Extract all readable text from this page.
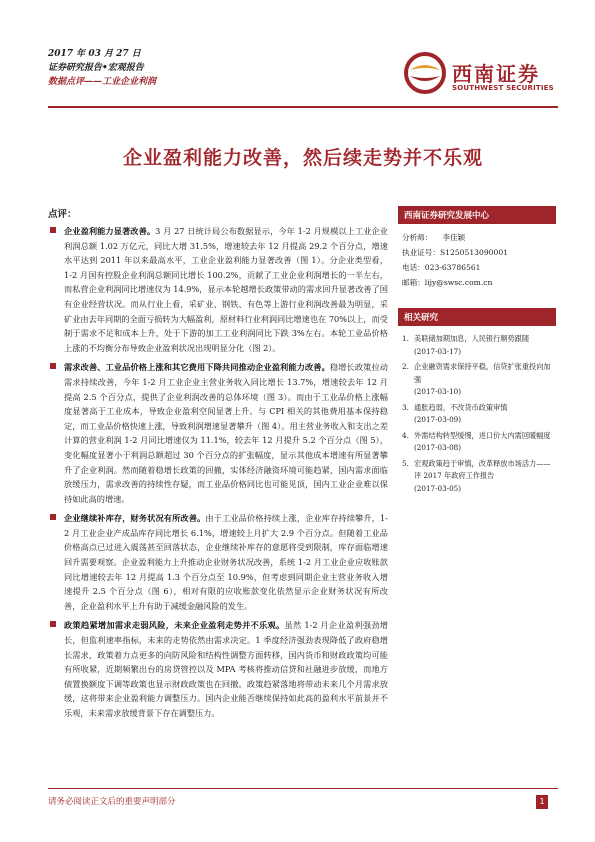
2017 年 03 月 27 日
证券研究报告•宏观报告
数据点评——工业企业利润	西南证券
SOUTHWEST SECURITIES
企业盈利能力改善，然后续走势并不乐观
点评：
企业盈利能力显著改善。3 月 27 日统计局公布数据显示，今年 1-2 月规模以上工业企业利润总额 1.02 万亿元，同比大增 31.5%，增速较去年 12 月提高 29.2 个百分点，增速水平达到 2011 年以来最高水平，工业企业盈利能力显著改善（图 1）。分企业类型看，1-2 月国有控股企业利润总额同比增长 100.2%，贡献了工业企业利润增长的一半左右，而私营企业利润同比增速仅为 14.9%，显示本轮越增长政策带动的需求回升显著改善了国有企业经营状况。而从行业上看，采矿业、钢铁、有色等上游行业利润改善最为明显，采矿业由去年同期的全面亏损转为大幅盈利，原材料行业利润同比增速也在 70%以上，而受制于需求不足和成本上升，处于下游的加工工业利润同比下跌 3%左右。本轮工业品价格上涨的不均衡分布导致企业盈利状况出现明显分化（图 2）。
需求改善、工业品价格上涨和其它费用下降共同推动企业盈利能力改善。稳增长政策拉动需求持续改善，今年 1-2 月工业企业主营业务收入同比增长 13.7%，增速较去年 12 月提高 2.5 个百分点，提供了企业利润改善的总体环境（图 3）。而由于工业品价格上涨幅度显著高于工业成本，导致企业盈利空间显著上升。与 CPI 相关的其他费用基本保持稳定，而工业品价格快速上涨，导致利润增速显著攀升（图 4）。用主营业务收入和支出之差计算的营业利润 1-2 月同比增速仅为 11.1%，较去年 12 月提升 5.2 个百分点（图 5），变化幅度显著小于利润总额超过 30 个百分点的扩张幅度，显示其他成本增速有所显著攀升了企业利润。然而随着稳增长政策的回撤，实体经济融资环境可能趋紧，国内需求面临放缓压力，需求改善的持续性存疑，而工业品价格同比也可能见顶，国内工业企业难以保持如此高的增速。
企业继续补库存，财务状况有所改善。由于工业品价格持续上涨，企业库存持续攀升，1-2 月工业企业产成品库存同比增长 6.1%，增速较上月扩大 2.9 个百分点。但随着工业品价格高点已过进入震荡甚至回落状态，企业继续补库存的意愿将受到限制，库存面临增速回升需要观察。企业盈利能力上升推动企业财务状况改善，系统 1-2 月工业企业应收账款同比增速较去年 12 月提高 1.3 个百分点至 10.9%，但考虑到同期企业主营业务收入增速提升 2.5 个百分点（图 6），相对有限的应收账款变化依然显示企业财务状况有所改善，企业盈利水平上升有助于减缓金融风险的发生。
政策趋紧增加需求走弱风险，未来企业盈利走势并不乐观。虽然 1-2 月企业盈利强劲增长，但监利速率指标，未来的走势依然由需求决定。1 季度经济强劲表现降低了政府稳增长需求，政策着力点更多的向防风险和结构性调整方面转移，国内货币和财政政策均可能有所收紧，近期频繁出台的房贷管控以及 MPA 考核将推动信贷和社融进步放缓，而地方债置换额度下调等政策也显示财政政策也在回撤。政策趋紧落地将带动未来几个月需求放缓，这将带来企业盈利能力调整压力。国内企业能否继续保持如此高的盈利水平前景并不乐观，未来需求放缓背景下存在调整压力。
西南证券研究发展中心
分析师： 李佳颖
执业证号：S1250513090001
电话：023-63786561
邮箱：lijy@swsc.com.cn
相关研究
1. 美联储加期加息，人民银行顺势跟随
(2017-03-17)
2. 企业融资需求保持平稳，信贷扩张重投向加强
(2017-03-10)
3. 通胀趋弱，不改货币政策审慎
(2017-03-09)
4. 外需结构转型缓慢，进口价大内需回暖幅度
(2017-03-08)
5. 宏观政策趋于审慎，改革释放市场活力——评 2017 年政府工作报告
(2017-03-05)
请务必阅读正文后的重要声明部分	1
